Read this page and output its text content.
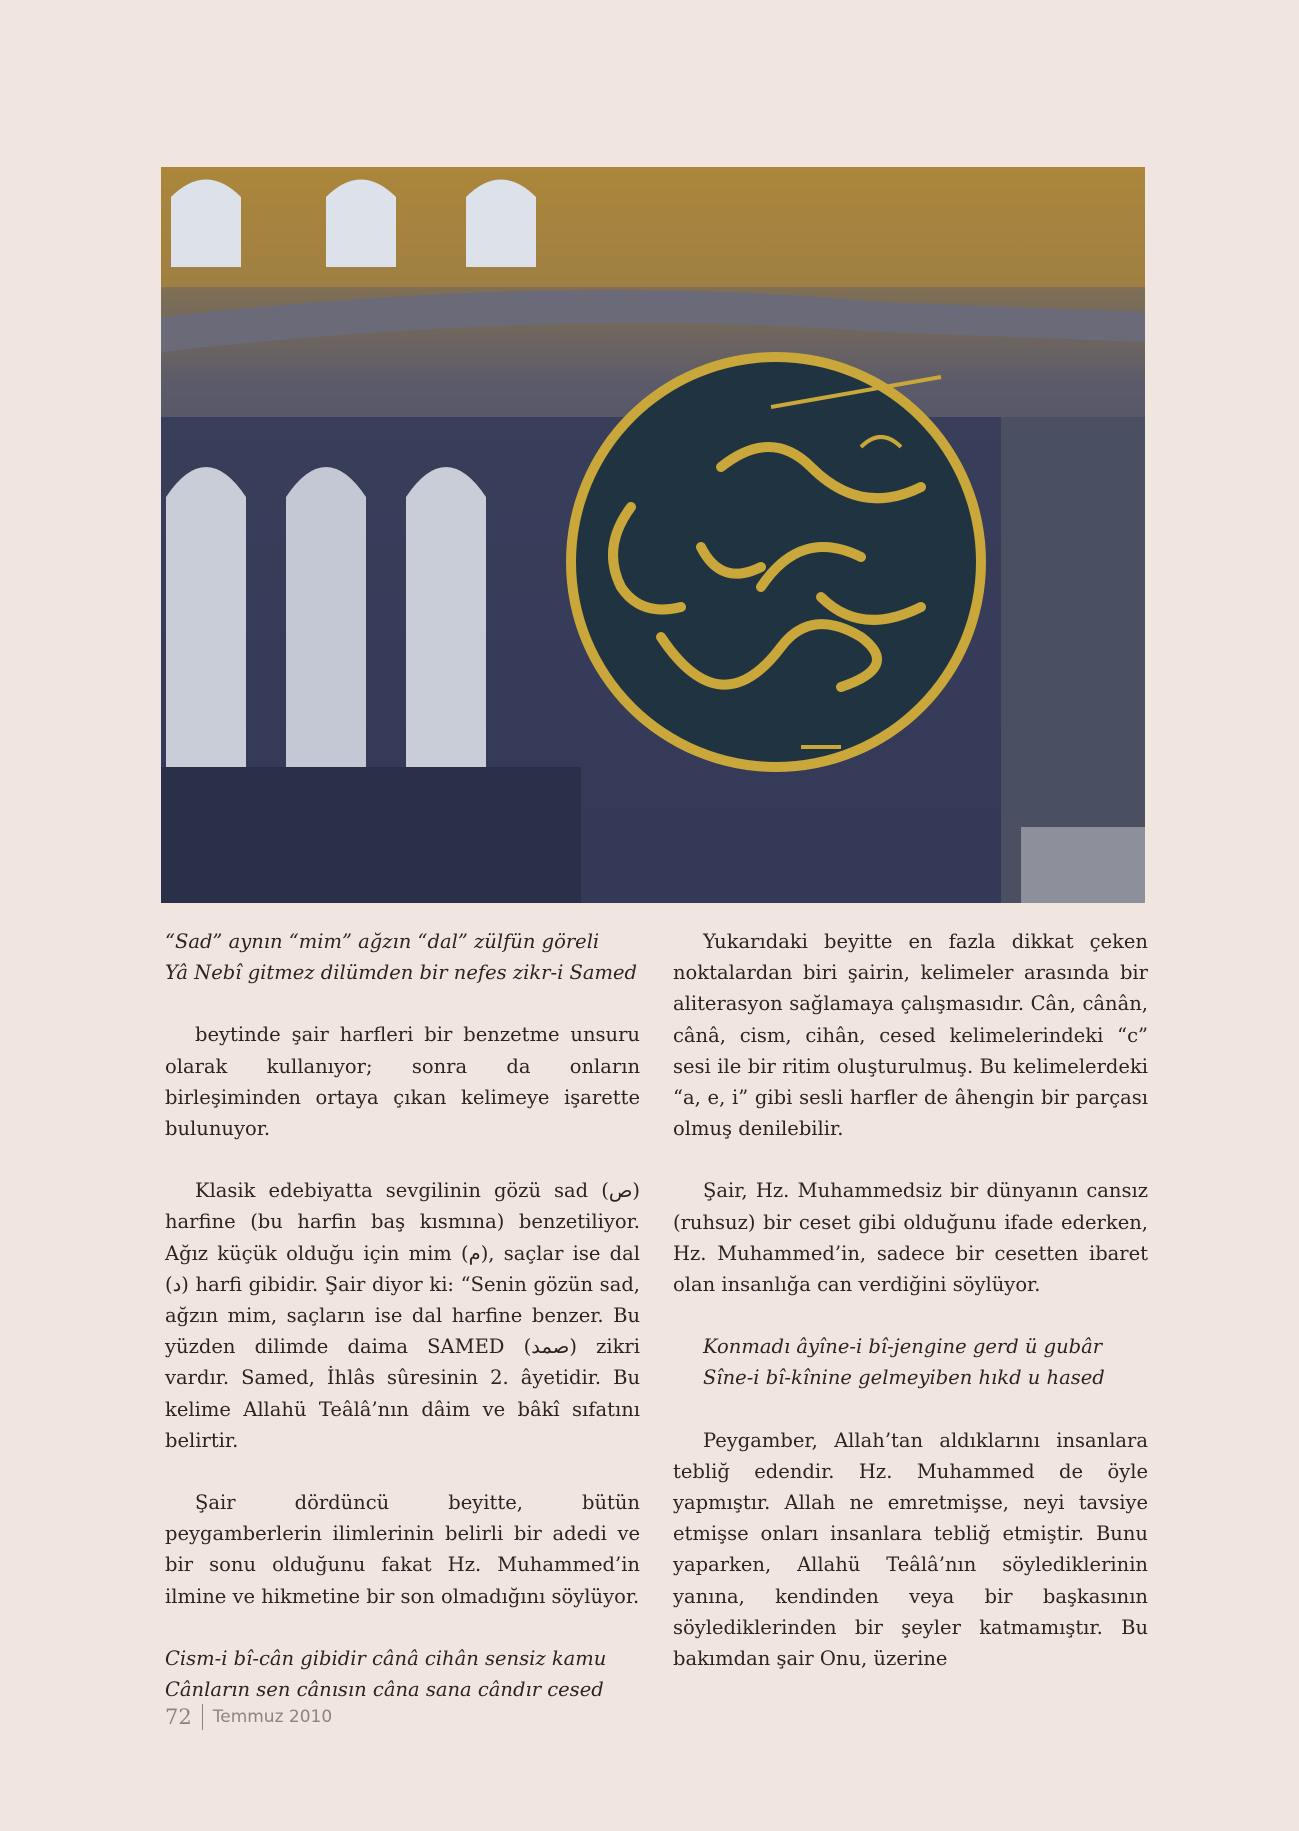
“Sad” aynın “mim” ağzın “dal” zülfün göreli
Yâ Nebî gitmez dilümden bir nefes zikr-i Samed

beytinde şair harfleri bir benzetme unsuru olarak kullanıyor; sonra da onların birleşiminden ortaya çıkan kelimeye işarette bulunuyor.

Klasik edebiyatta sevgilinin gözü sad (ص) harfine (bu harfin baş kısmına) benzetiliyor. Ağız küçük olduğu için mim (م), saçlar ise dal (د) harfi gibidir. Şair diyor ki: “Senin gözün sad, ağzın mim, saçların ise dal harfine benzer. Bu yüzden dilimde daima SAMED (صمد) zikri vardır. Samed, İhlâs sûresinin 2. âyetidir. Bu kelime Allahü Teâlâ’nın dâim ve bâkî sıfatını belirtir.

Şair dördüncü beyitte, bütün peygamberlerin ilimlerinin belirli bir adedi ve bir sonu olduğunu fakat Hz. Muhammed’in ilmine ve hikmetine bir son olmadığını söylüyor.

Cism-i bî-cân gibidir cânâ cihân sensiz kamu
Cânların sen cânısın câna sana cândır cesed

Yukarıdaki beyitte en fazla dikkat çeken noktalardan biri şairin, kelimeler arasında bir aliterasyon sağlamaya çalışmasıdır. Cân, cânân, cânâ, cism, cihân, cesed kelimelerindeki “c” sesi ile bir ritim oluşturulmuş. Bu kelimelerdeki “a, e, i” gibi sesli harfler de âhengin bir parçası olmuş denilebilir.

Şair, Hz. Muhammedsiz bir dünyanın cansız (ruhsuz) bir ceset gibi olduğunu ifade ederken, Hz. Muhammed’in, sadece bir cesetten ibaret olan insanlığa can verdiğini söylüyor.

Konmadı âyîne-i bî-jengine gerd ü gubâr
Sîne-i bî-kînine gelmeyiben hıkd u hased

Peygamber, Allah’tan aldıklarını insanlara tebliğ edendir. Hz. Muhammed de öyle yapmıştır. Allah ne emretmişse, neyi tavsiye etmişse onları insanlara tebliğ etmiştir. Bunu yaparken, Allahü Teâlâ’nın söylediklerinin yanına, kendinden veya bir başkasının söylediklerinden bir şeyler katmamıştır. Bu bakımdan şair Onu, üzerine

72 Temmuz 2010
